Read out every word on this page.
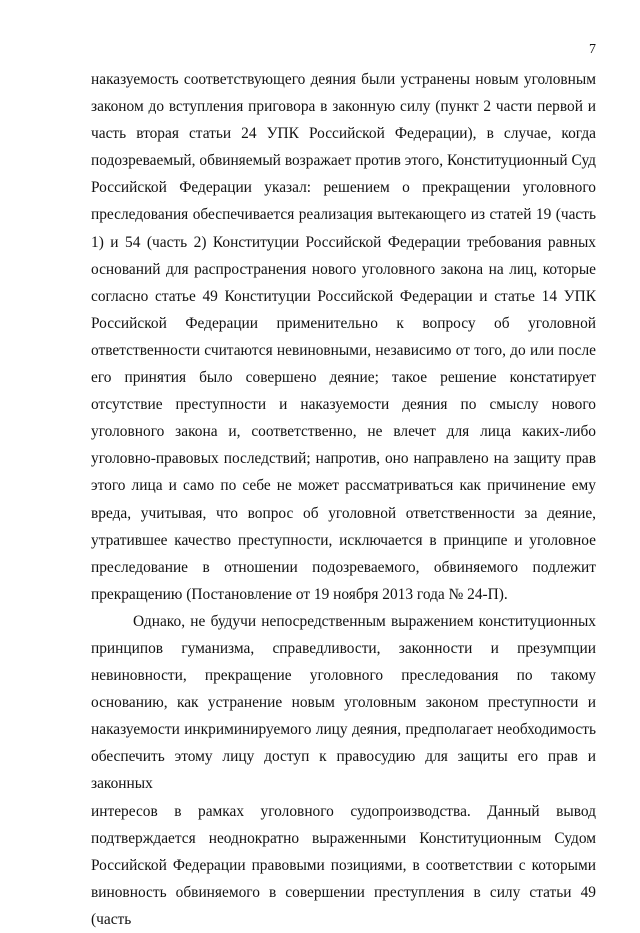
7
наказуемость соответствующего деяния были устранены новым уголовным
законом до вступления приговора в законную силу (пункт 2 части первой и
часть вторая статьи 24 УПК Российской Федерации), в случае, когда
подозреваемый, обвиняемый возражает против этого, Конституционный Суд
Российской Федерации указал: решением о прекращении уголовного
преследования обеспечивается реализация вытекающего из статей 19 (часть
1) и 54 (часть 2) Конституции Российской Федерации требования равных
оснований для распространения нового уголовного закона на лиц, которые
согласно статье 49 Конституции Российской Федерации и статье 14 УПК
Российской Федерации применительно к вопросу об уголовной
ответственности считаются невиновными, независимо от того, до или после
его принятия было совершено деяние; такое решение констатирует
отсутствие преступности и наказуемости деяния по смыслу нового
уголовного закона и, соответственно, не влечет для лица каких-либо
уголовно-правовых последствий; напротив, оно направлено на защиту прав
этого лица и само по себе не может рассматриваться как причинение ему
вреда, учитывая, что вопрос об уголовной ответственности за деяние,
утратившее качество преступности, исключается в принципе и уголовное
преследование в отношении подозреваемого, обвиняемого подлежит
прекращению (Постановление от 19 ноября 2013 года № 24-П).
Однако, не будучи непосредственным выражением конституционных
принципов гуманизма, справедливости, законности и презумпции
невиновности, прекращение уголовного преследования по такому
основанию, как устранение новым уголовным законом преступности и
наказуемости инкриминируемого лицу деяния, предполагает необходимость
обеспечить этому лицу доступ к правосудию для защиты его прав и законных
интересов в рамках уголовного судопроизводства. Данный вывод
подтверждается неоднократно выраженными Конституционным Судом
Российской Федерации правовыми позициями, в соответствии с которыми
виновность обвиняемого в совершении преступления в силу статьи 49 (часть
